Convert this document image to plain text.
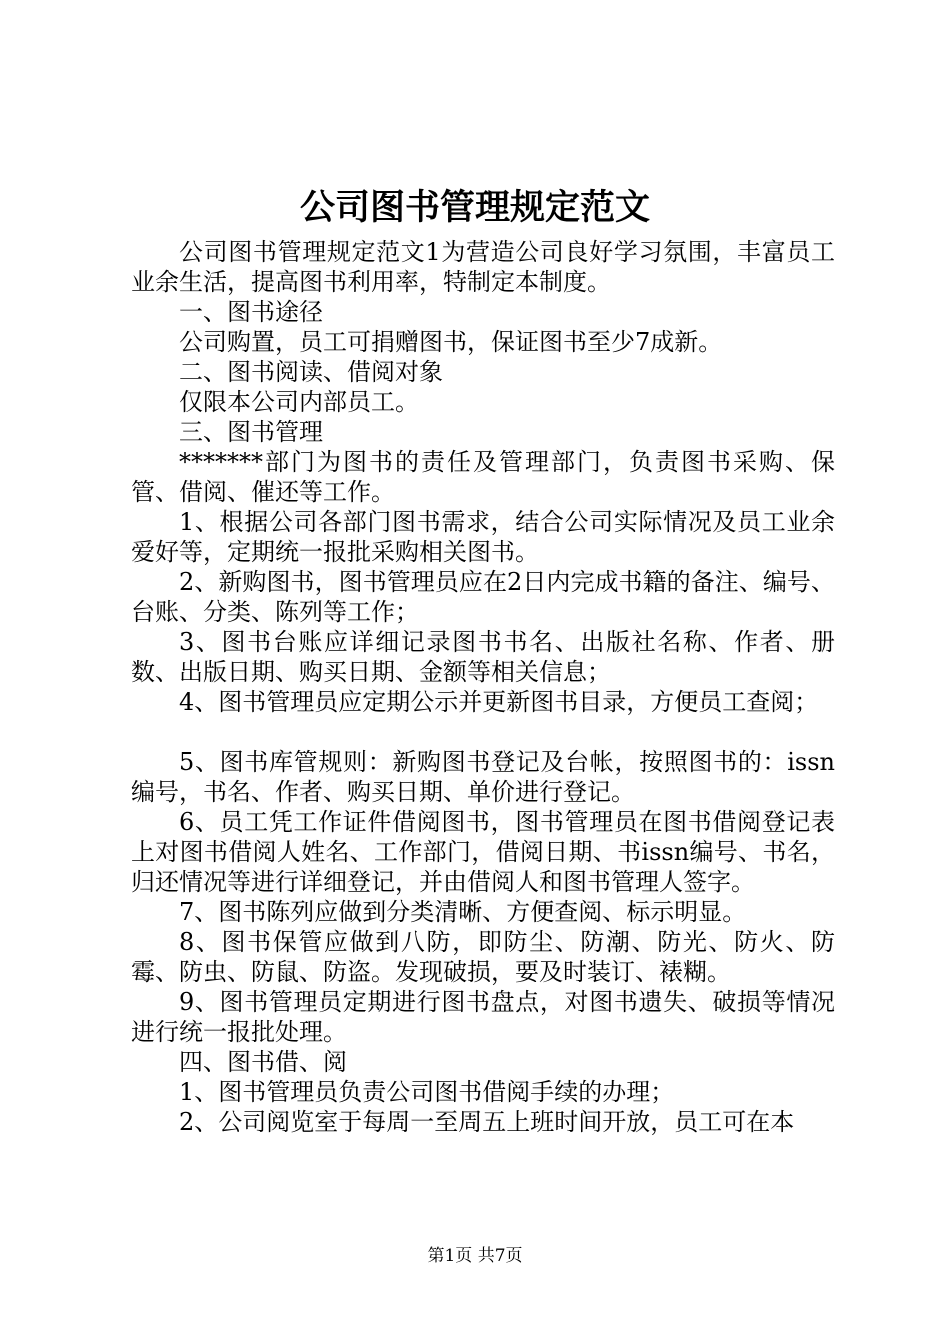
公司图书管理规定范文

公司图书管理规定范文1为营造公司良好学习氛围，丰富员工业余生活，提高图书利用率，特制定本制度。

一、图书途径

公司购置，员工可捐赠图书，保证图书至少7成新。

二、图书阅读、借阅对象

仅限本公司内部员工。

三、图书管理

*******部门为图书的责任及管理部门，负责图书采购、保管、借阅、催还等工作。

1、根据公司各部门图书需求，结合公司实际情况及员工业余爱好等，定期统一报批采购相关图书。

2、新购图书，图书管理员应在2日内完成书籍的备注、编号、台账、分类、陈列等工作；

3、图书台账应详细记录图书书名、出版社名称、作者、册数、出版日期、购买日期、金额等相关信息；

4、图书管理员应定期公示并更新图书目录，方便员工查阅；

5、图书库管规则：新购图书登记及台帐，按照图书的：issn编号，书名、作者、购买日期、单价进行登记。

6、员工凭工作证件借阅图书，图书管理员在图书借阅登记表上对图书借阅人姓名、工作部门，借阅日期、书issn编号、书名，归还情况等进行详细登记，并由借阅人和图书管理人签字。

7、图书陈列应做到分类清晰、方便查阅、标示明显。

8、图书保管应做到八防，即防尘、防潮、防光、防火、防霉、防虫、防鼠、防盗。发现破损，要及时装订、裱糊。

9、图书管理员定期进行图书盘点，对图书遗失、破损等情况进行统一报批处理。

四、图书借、阅

1、图书管理员负责公司图书借阅手续的办理；

2、公司阅览室于每周一至周五上班时间开放，员工可在本

第1页 共7页
